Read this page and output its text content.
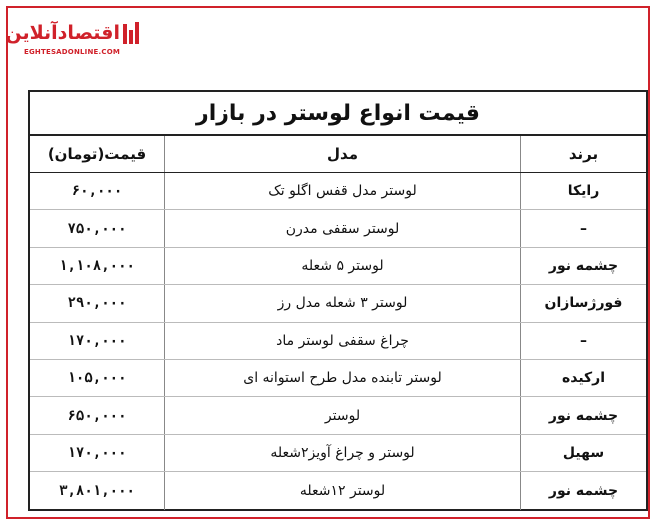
اقتصادآنلاین
EGHTESADONLINE.COM
قیمت انواع لوستر در بازار
برند
مدل
قیمت(تومان)
رایکا
لوستر مدل قفس اگلو تک
۶۰,۰۰۰
–
لوستر سقفی مدرن
۷۵۰,۰۰۰
چشمه نور
لوستر ۵ شعله
۱,۱۰۸,۰۰۰
فورژسازان
لوستر ۳ شعله مدل رز
۲۹۰,۰۰۰
–
چراغ سقفی لوستر ماد
۱۷۰,۰۰۰
ارکیده
لوستر تابنده مدل طرح استوانه ای
۱۰۵,۰۰۰
چشمه نور
لوستر
۶۵۰,۰۰۰
سهیل
لوستر و چراغ آویز۲شعله
۱۷۰,۰۰۰
چشمه نور
لوستر ۱۲شعله
۳,۸۰۱,۰۰۰
